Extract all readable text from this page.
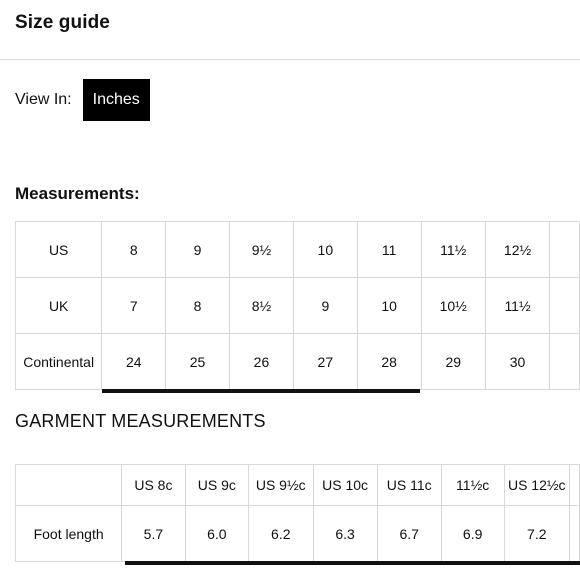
Size guide
View In:	Inches
Measurements:
US	8	9	9½	10	11	11½	12½	
UK	7	8	8½	9	10	10½	11½	
Continental	24	25	26	27	28	29	30	
GARMENT MEASUREMENTS
	US 8c	US 9c	US 9½c	US 10c	US 11c	11½c	US 12½c	
Foot length	5.7	6.0	6.2	6.3	6.7	6.9	7.2	
